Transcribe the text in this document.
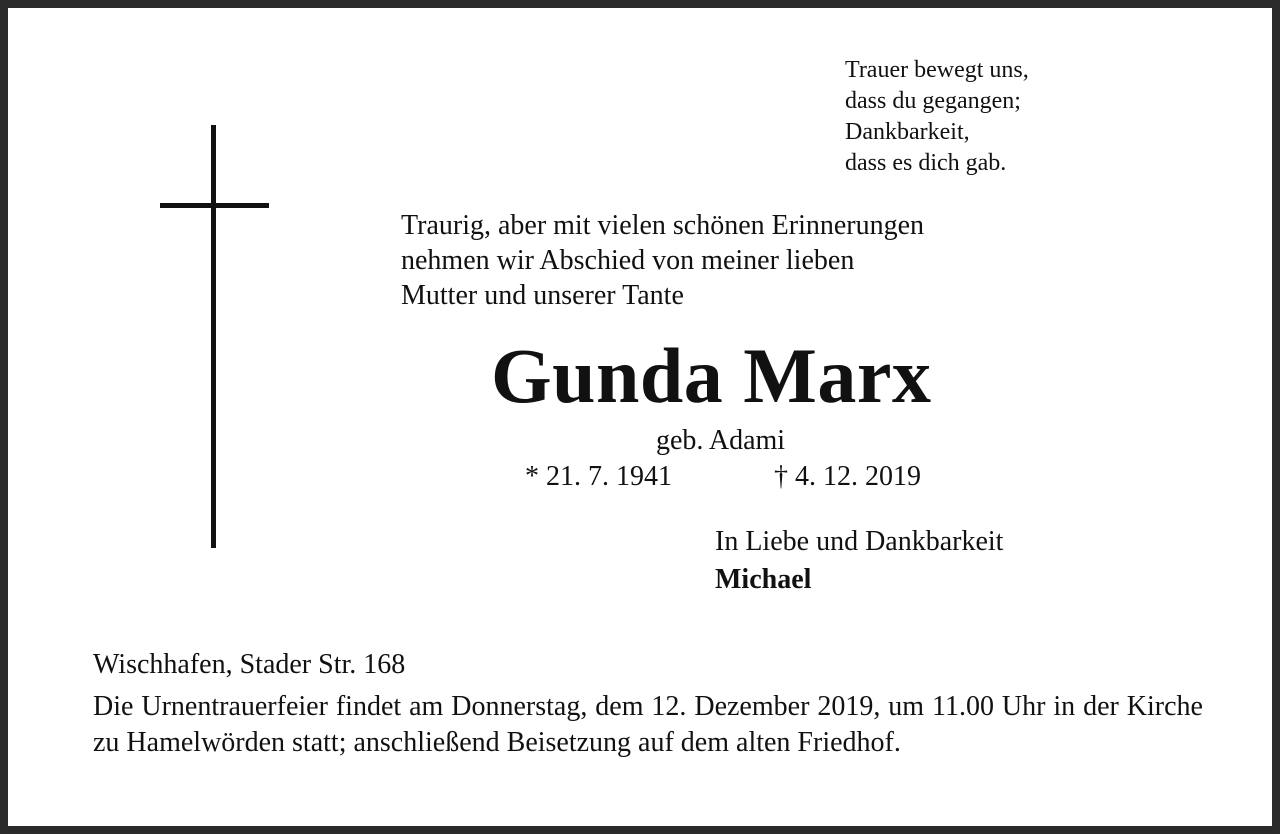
Trauer bewegt uns,
dass du gegangen;
Dankbarkeit,
dass es dich gab.
Traurig, aber mit vielen schönen Erinnerungen
nehmen wir Abschied von meiner lieben
Mutter und unserer Tante
Gunda Marx
geb. Adami
* 21. 7. 1941	† 4. 12. 2019
In Liebe und Dankbarkeit
Michael
Wischhafen, Stader Str. 168
Die Urnentrauerfeier findet am Donnerstag, dem 12. Dezember 2019, um 11.00 Uhr in der Kirche zu Hamelwörden statt; anschließend Beisetzung auf dem alten Friedhof.
